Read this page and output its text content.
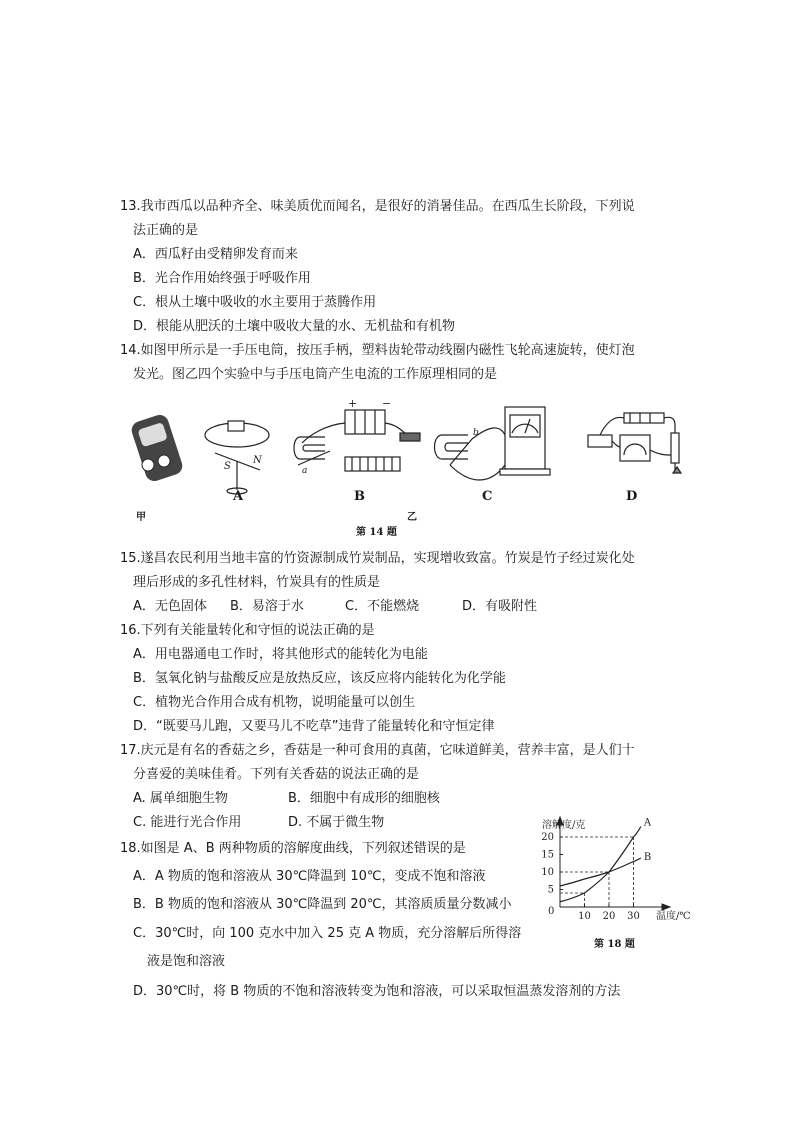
13.我市西瓜以品种齐全、味美质优而闻名，是很好的消暑佳品。在西瓜生长阶段，下列说
法正确的是
A．西瓜籽由受精卵发育而来
B．光合作用始终强于呼吸作用
C．根从土壤中吸收的水主要用于蒸腾作用
D．根能从肥沃的土壤中吸收大量的水、无机盐和有机物
14.如图甲所示是一手压电筒，按压手柄，塑料齿轮带动线圈内磁性飞轮高速旋转，使灯泡
发光。图乙四个实验中与手压电筒产生电流的工作原理相同的是
S
N
+ −
a
b
甲
A	B	C	D
乙
第 14 题
15.遂昌农民利用当地丰富的竹资源制成竹炭制品，实现增收致富。竹炭是竹子经过炭化处
理后形成的多孔性材料，竹炭具有的性质是
A．无色固体 B．易溶于水	C．不能燃烧	D．有吸附性
16.下列有关能量转化和守恒的说法正确的是
A．用电器通电工作时，将其他形式的能转化为电能
B．氢氧化钠与盐酸反应是放热反应，该反应将内能转化为化学能
C．植物光合作用合成有机物，说明能量可以创生
D．“既要马儿跑，又要马儿不吃草”违背了能量转化和守恒定律
17.庆元是有名的香菇之乡，香菇是一种可食用的真菌，它味道鲜美，营养丰富，是人们十
分喜爱的美味佳肴。下列有关香菇的说法正确的是
A. 属单细胞生物	B．细胞中有成形的细胞核
C. 能进行光合作用	D. 不属于微生物
18.如图是 A、B 两种物质的溶解度曲线，下列叙述错误的是
A．A 物质的饱和溶液从 30℃降温到 10℃，变成不饱和溶液
B．B 物质的饱和溶液从 30℃降温到 20℃，其溶质质量分数减小
C．30℃时，向 100 克水中加入 25 克 A 物质，充分溶解后所得溶
液是饱和溶液
D．30℃时，将 B 物质的不饱和溶液转变为饱和溶液，可以采取恒温蒸发溶剂的方法
溶解度/克
温度/℃
0
5
10
15
20
10 20 30
A
B
第 18 题
